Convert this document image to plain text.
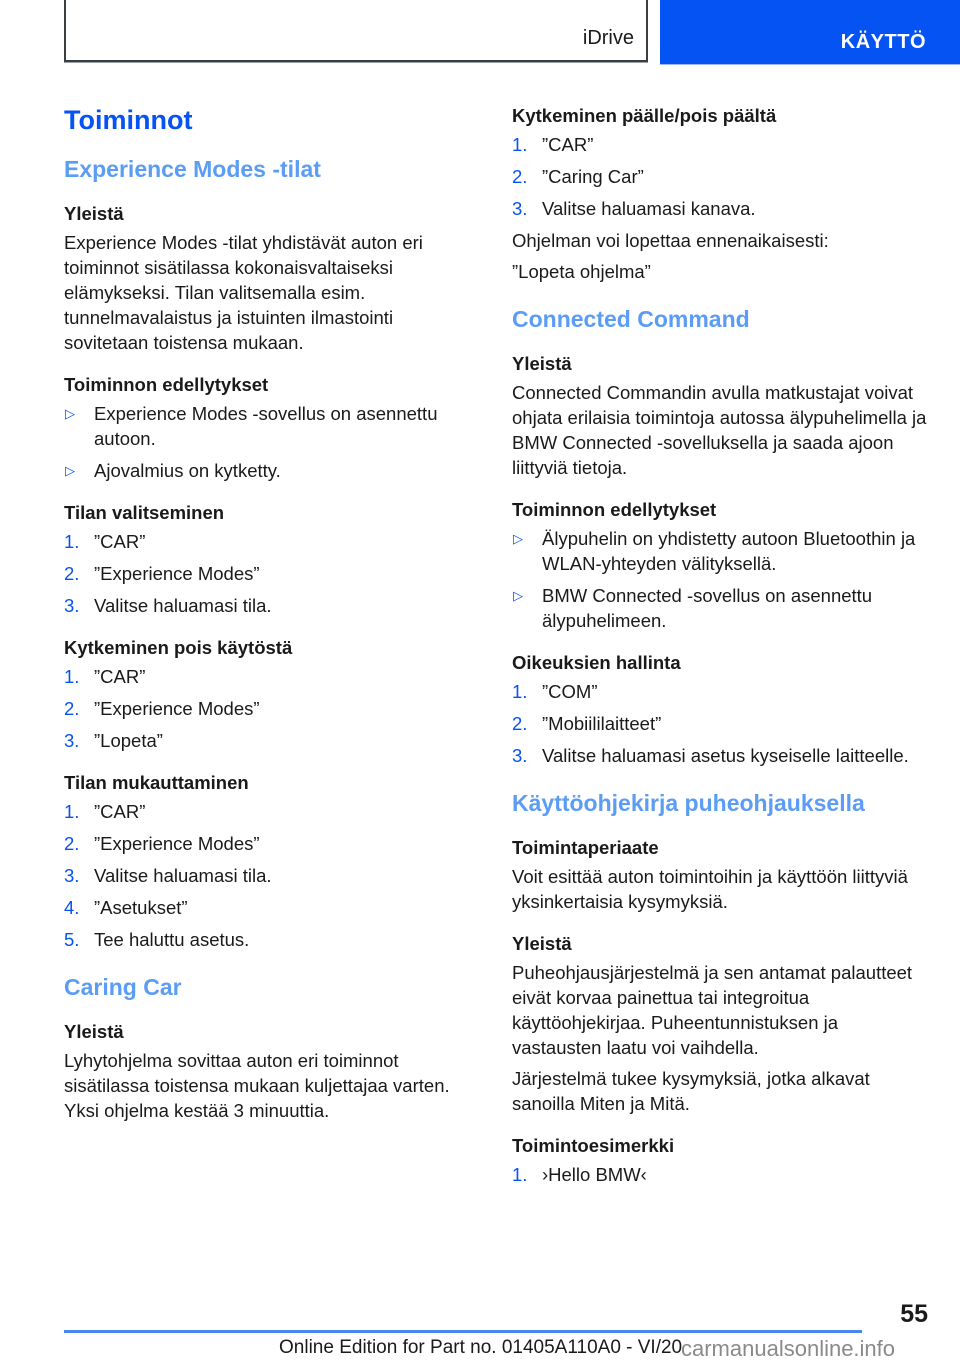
iDrive	KÄYTTÖ
Toiminnot
Experience Modes -tilat
Yleistä

Experience Modes -tilat yhdistävät auton eri toiminnot sisätilassa kokonaisvaltaiseksi elämykseksi. Tilan valitsemalla esim. tunnelmavalaistus ja istuinten ilmastointi sovitetaan toistensa mukaan.

Toiminnon edellytykset
▷	Experience Modes -sovellus on asennettu autoon.
▷	Ajovalmius on kytketty.
Tilan valitseminen
1. ”CAR”
2. ”Experience Modes”
3. Valitse haluamasi tila.
Kytkeminen pois käytöstä
1. ”CAR”
2. ”Experience Modes”
3. ”Lopeta”
Tilan mukauttaminen
1. ”CAR”
2. ”Experience Modes”
3. Valitse haluamasi tila.
4. ”Asetukset”
5. Tee haluttu asetus.
Caring Car
Yleistä

Lyhytohjelma sovittaa auton eri toiminnot sisätilassa toistensa mukaan kuljettajaa varten. Yksi ohjelma kestää 3 minuuttia.

Kytkeminen päälle/pois päältä
1. ”CAR”
2. ”Caring Car”
3. Valitse haluamasi kanava.

Ohjelman voi lopettaa ennenaikaisesti:

”Lopeta ohjelma”

Connected Command
Yleistä

Connected Commandin avulla matkustajat voivat ohjata erilaisia toimintoja autossa älypuhelimella ja BMW Connected -sovelluksella ja saada ajoon liittyviä tietoja.

Toiminnon edellytykset
▷	Älypuhelin on yhdistetty autoon Bluetoothin ja WLAN-yhteyden välityksellä.
▷	BMW Connected -sovellus on asennettu älypuhelimeen.
Oikeuksien hallinta
1. ”COM”
2. ”Mobiililaitteet”
3. Valitse haluamasi asetus kyseiselle laitteelle.
Käyttöohjekirja puheohjauksella
Toimintaperiaate

Voit esittää auton toimintoihin ja käyttöön liittyviä yksinkertaisia kysymyksiä.

Yleistä

Puheohjausjärjestelmä ja sen antamat palautteet eivät korvaa painettua tai integroitua käyttöohjekirjaa. Puheentunnistuksen ja vastausten laatu voi vaihdella.

Järjestelmä tukee kysymyksiä, jotka alkavat sanoilla Miten ja Mitä.

Toimintoesimerkki
1. ›Hello BMW‹
55
Online Edition for Part no. 01405A110A0 - VI/20
carmanualsonline.info
